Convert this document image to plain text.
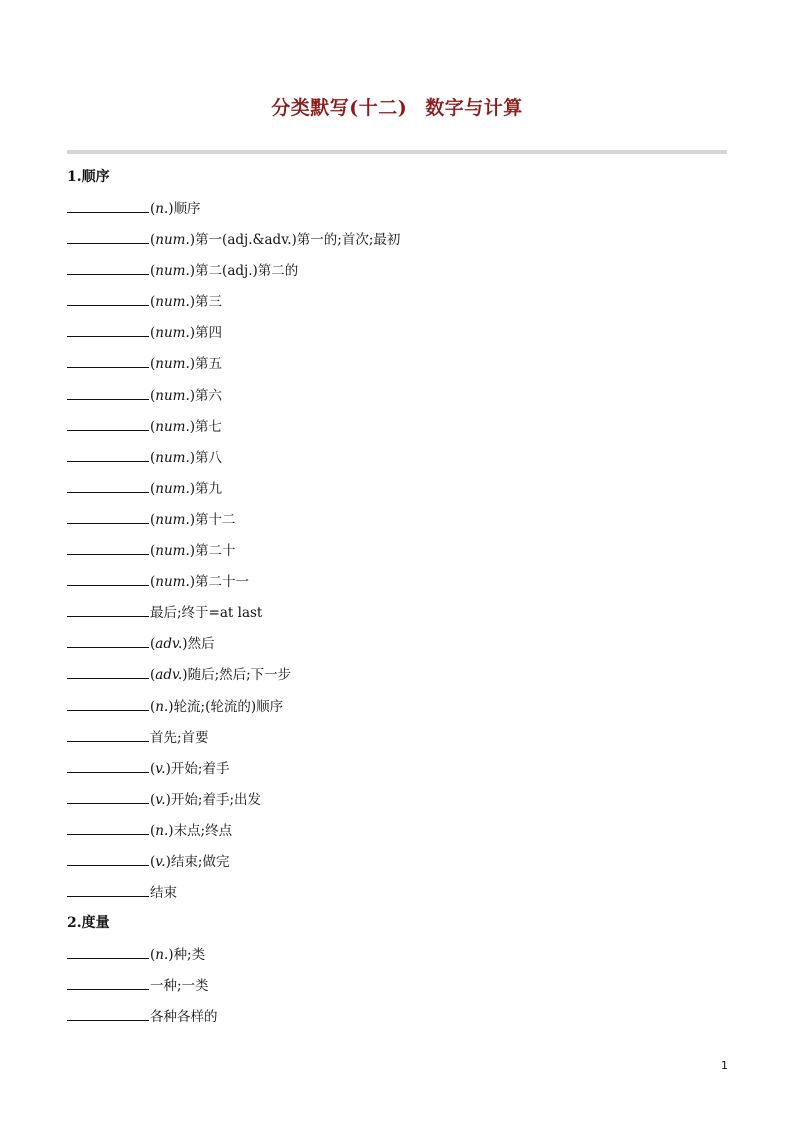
分类默写(十二) 数字与计算
1.顺序
(n.)顺序
(num.)第一(adj.&adv.)第一的;首次;最初
(num.)第二(adj.)第二的
(num.)第三
(num.)第四
(num.)第五
(num.)第六
(num.)第七
(num.)第八
(num.)第九
(num.)第十二
(num.)第二十
(num.)第二十一
最后;终于=at last
(adv.)然后
(adv.)随后;然后;下一步
(n.)轮流;(轮流的)顺序
首先;首要
(v.)开始;着手
(v.)开始;着手;出发
(n.)末点;终点
(v.)结束;做完
结束
2.度量
(n.)种;类
一种;一类
各种各样的
1
